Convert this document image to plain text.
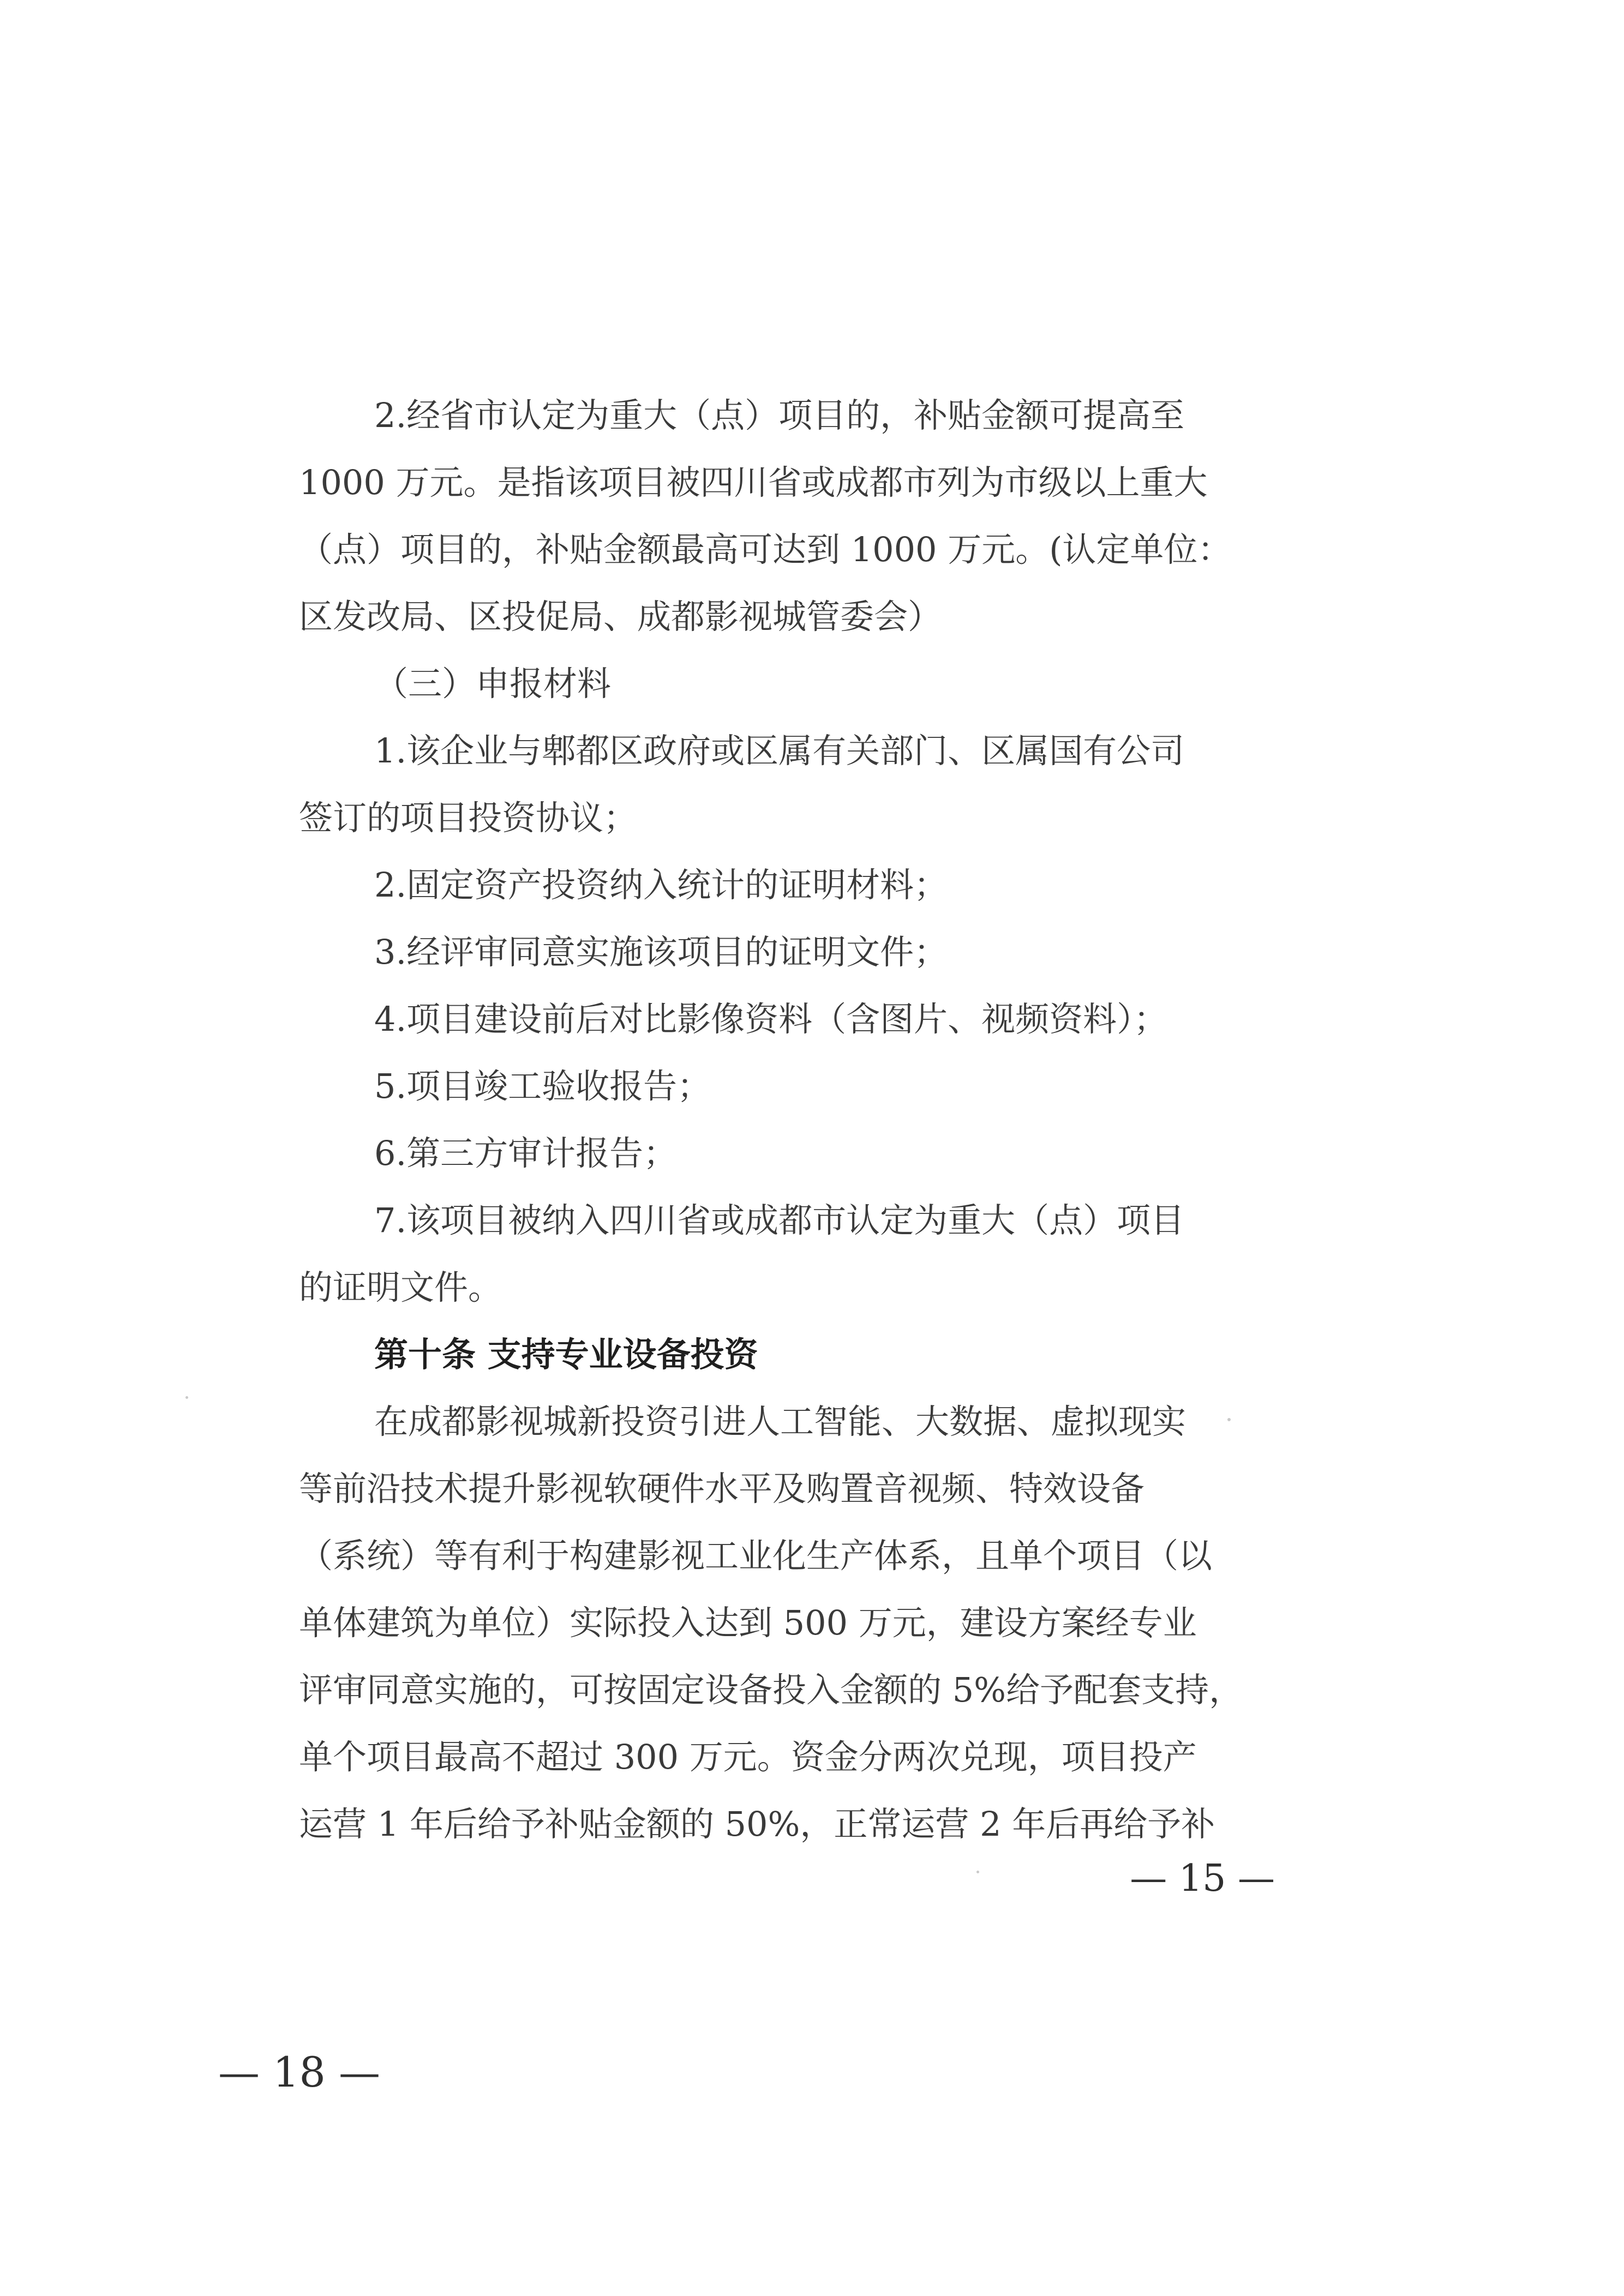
2.经省市认定为重大（点）项目的，补贴金额可提高至
1000 万元。是指该项目被四川省或成都市列为市级以上重大
（点）项目的，补贴金额最高可达到 1000 万元。(认定单位：
区发改局、区投促局、成都影视城管委会）
（三）申报材料
1.该企业与郫都区政府或区属有关部门、区属国有公司
签订的项目投资协议；
2.固定资产投资纳入统计的证明材料；
3.经评审同意实施该项目的证明文件；
4.项目建设前后对比影像资料（含图片、视频资料）；
5.项目竣工验收报告；
6.第三方审计报告；
7.该项目被纳入四川省或成都市认定为重大（点）项目
的证明文件。
第十条 支持专业设备投资
在成都影视城新投资引进人工智能、大数据、虚拟现实
等前沿技术提升影视软硬件水平及购置音视频、特效设备
（系统）等有利于构建影视工业化生产体系，且单个项目（以
单体建筑为单位）实际投入达到 500 万元，建设方案经专业
评审同意实施的，可按固定设备投入金额的 5%给予配套支持，
单个项目最高不超过 300 万元。资金分两次兑现，项目投产
运营 1 年后给予补贴金额的 50%，正常运营 2 年后再给予补
— 15 —
— 18 —
